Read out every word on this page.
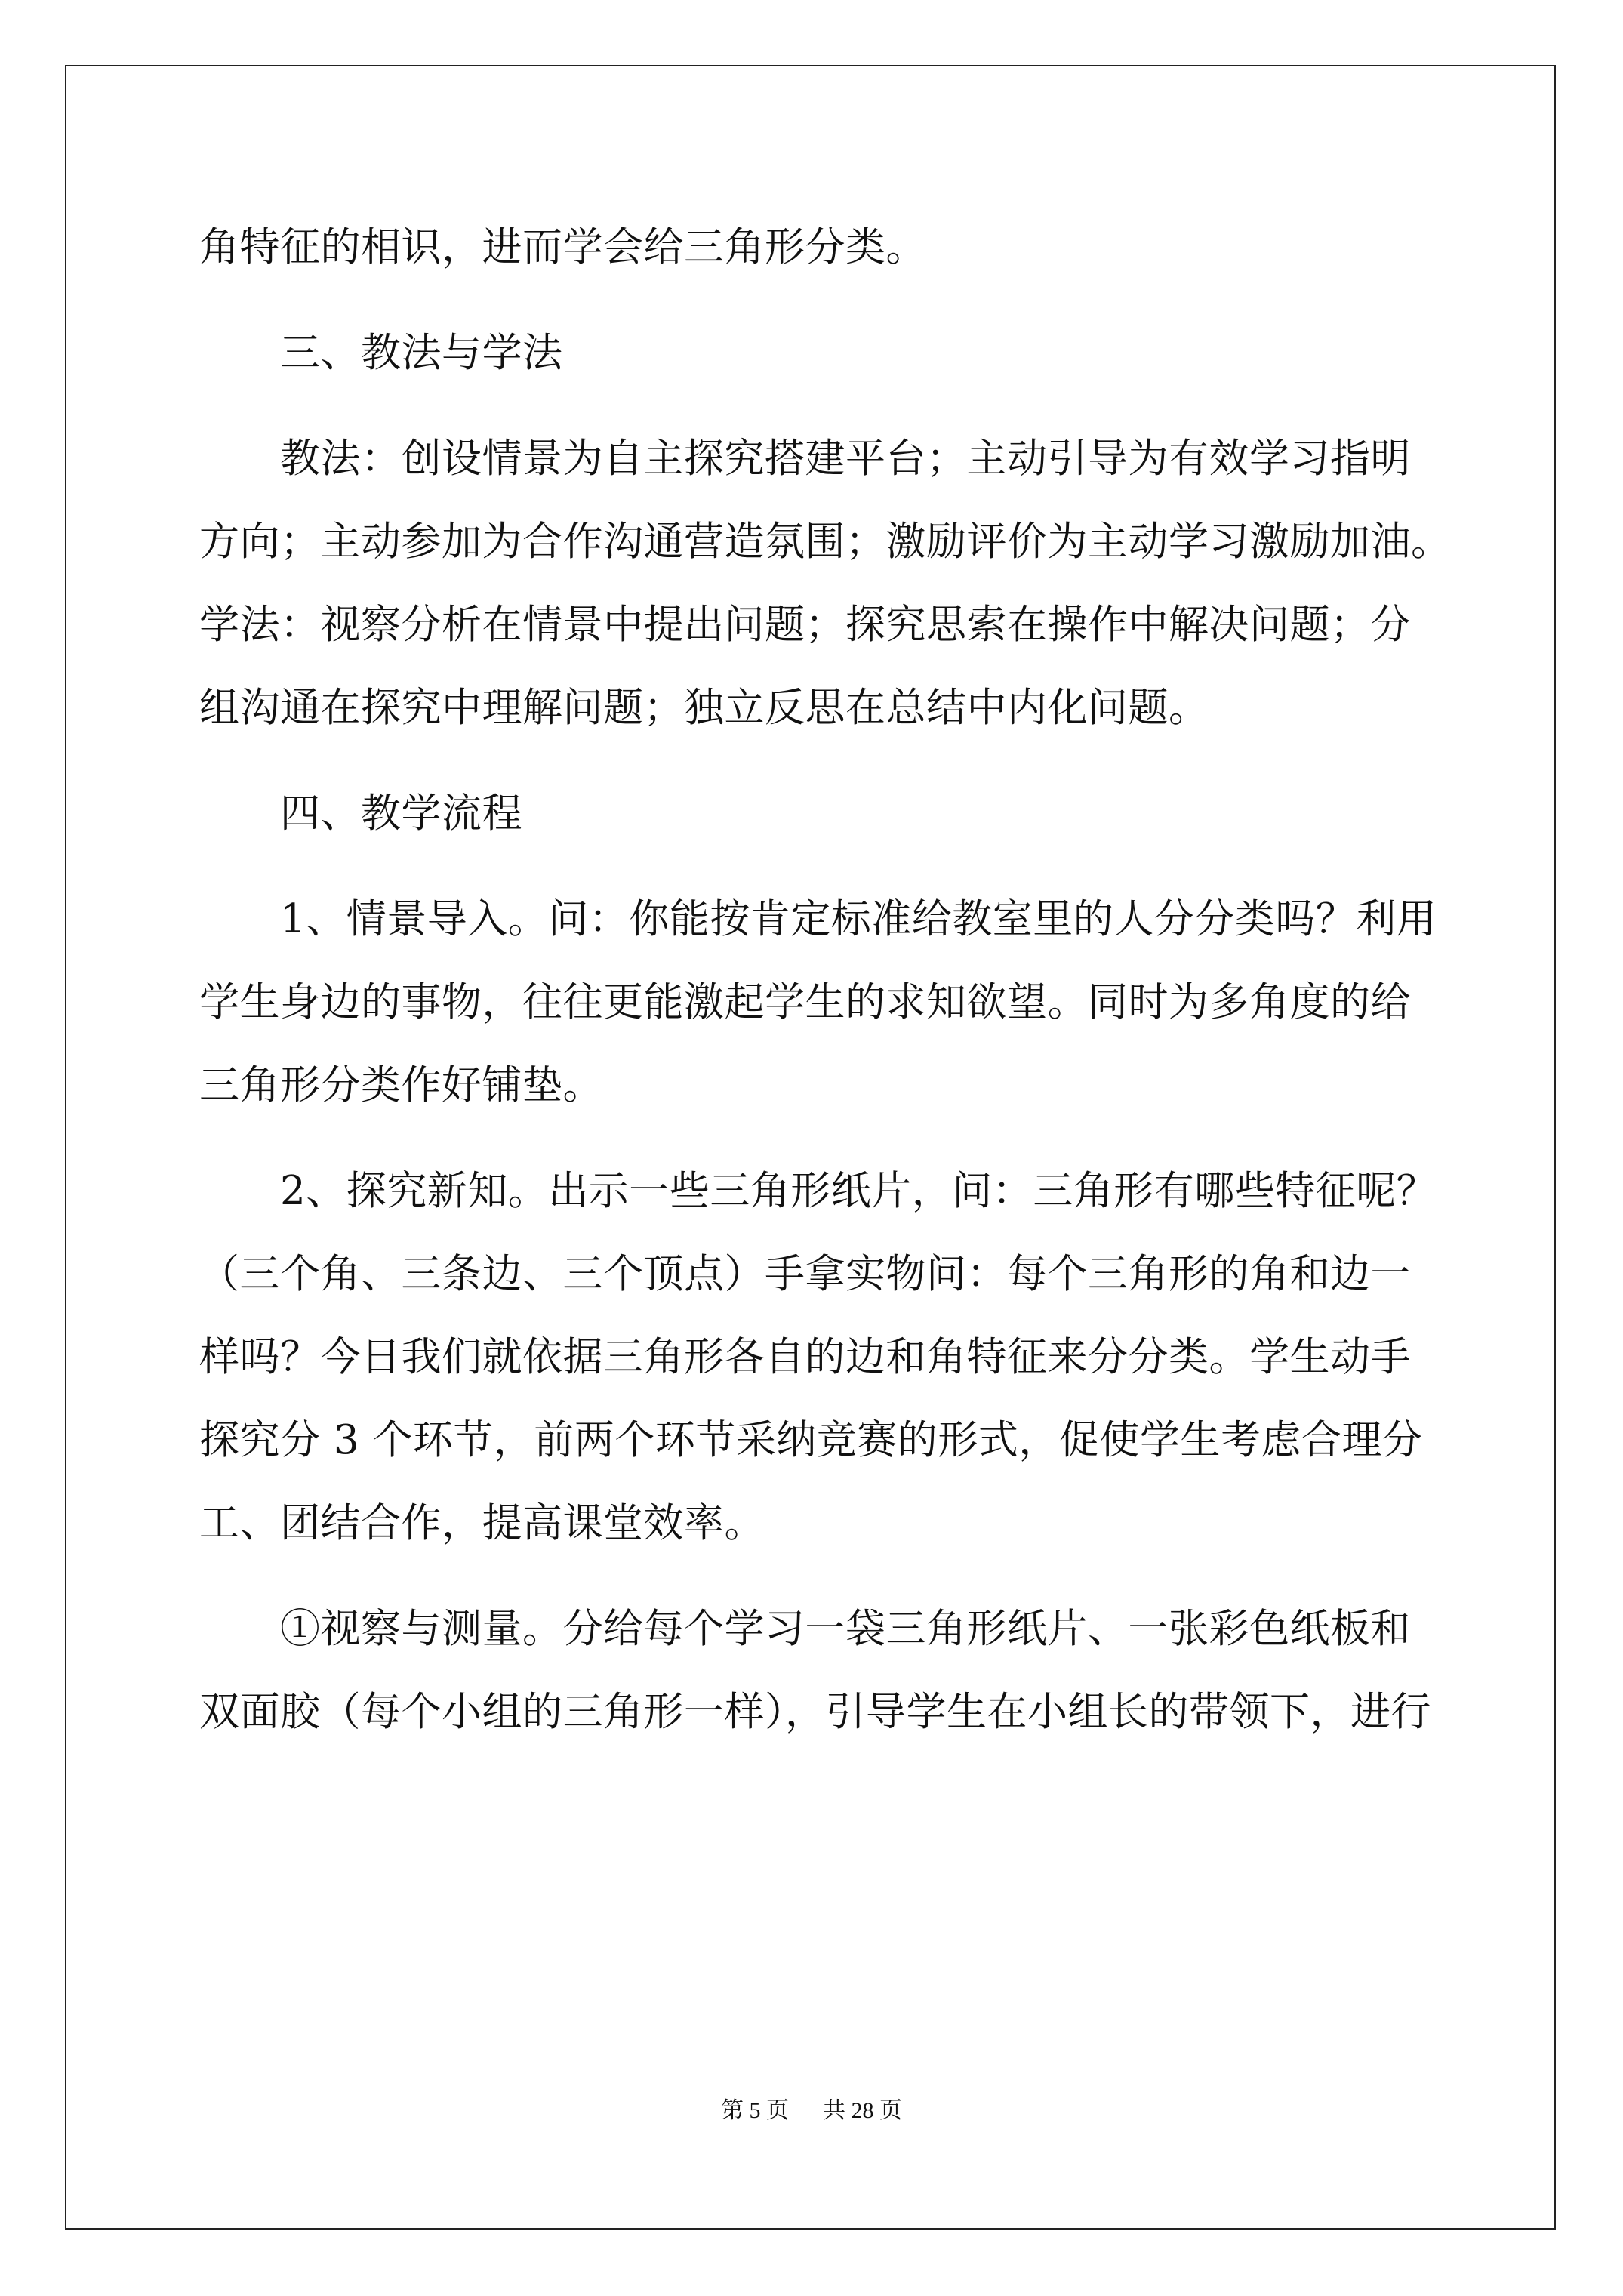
角特征的相识，进而学会给三角形分类。

三、教法与学法

教法：创设情景为自主探究搭建平台；主动引导为有效学习指明

方向；主动参加为合作沟通营造氛围；激励评价为主动学习激励加油。

学法：视察分析在情景中提出问题；探究思索在操作中解决问题；分

组沟通在探究中理解问题；独立反思在总结中内化问题。

四、教学流程

1、情景导入。问：你能按肯定标准给教室里的人分分类吗？利用

学生身边的事物，往往更能激起学生的求知欲望。同时为多角度的给

三角形分类作好铺垫。

2、探究新知。出示一些三角形纸片，问：三角形有哪些特征呢？

（三个角、三条边、三个顶点）手拿实物问：每个三角形的角和边一

样吗？今日我们就依据三角形各自的边和角特征来分分类。学生动手

探究分 3 个环节，前两个环节采纳竞赛的形式，促使学生考虑合理分

工、团结合作，提高课堂效率。

①视察与测量。分给每个学习一袋三角形纸片、一张彩色纸板和

双面胶（每个小组的三角形一样），引导学生在小组长的带领下，进行

第 5 页 共 28 页
